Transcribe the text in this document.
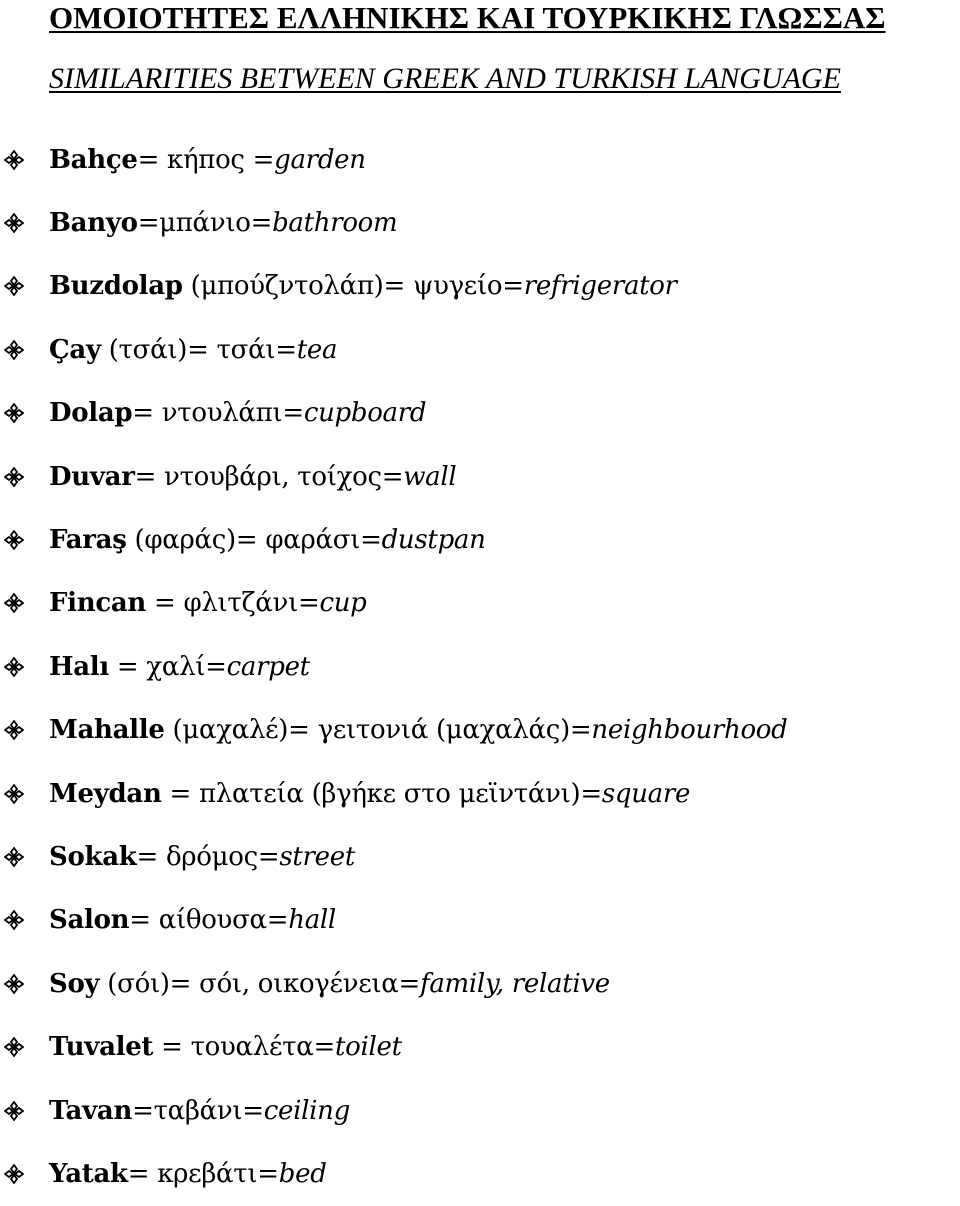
ΟΜΟΙΟΤΗΤΕΣ ΕΛΛΗΝΙΚΗΣ ΚΑΙ ΤΟΥΡΚΙΚΗΣ ΓΛΩΣΣΑΣ
SIMILARITIES BETWEEN GREEK AND TURKISH LANGUAGE
Bahçe= κήπος =garden
Banyo=μπάνιο=bathroom
Buzdolap (μπούζντολάπ)= ψυγείο=refrigerator
Çay (τσάι)= τσάι=tea
Dolap= ντουλάπι=cupboard
Duvar= ντουβάρι, τοίχος=wall
Faraş (φαράς)= φαράσι=dustpan
Fincan = φλιτζάνι=cup
Halı = χαλί=carpet
Mahalle (μαχαλέ)= γειτονιά (μαχαλάς)=neighbourhood
Meydan = πλατεία (βγήκε στο μεϊντάνι)=square
Sokak= δρόμος=street
Salon= αίθουσα=hall
Soy (σόι)= σόι, οικογένεια=family, relative
Tuvalet = τουαλέτα=toilet
Tavan=ταβάνι=ceiling
Yatak= κρεβάτι=bed
